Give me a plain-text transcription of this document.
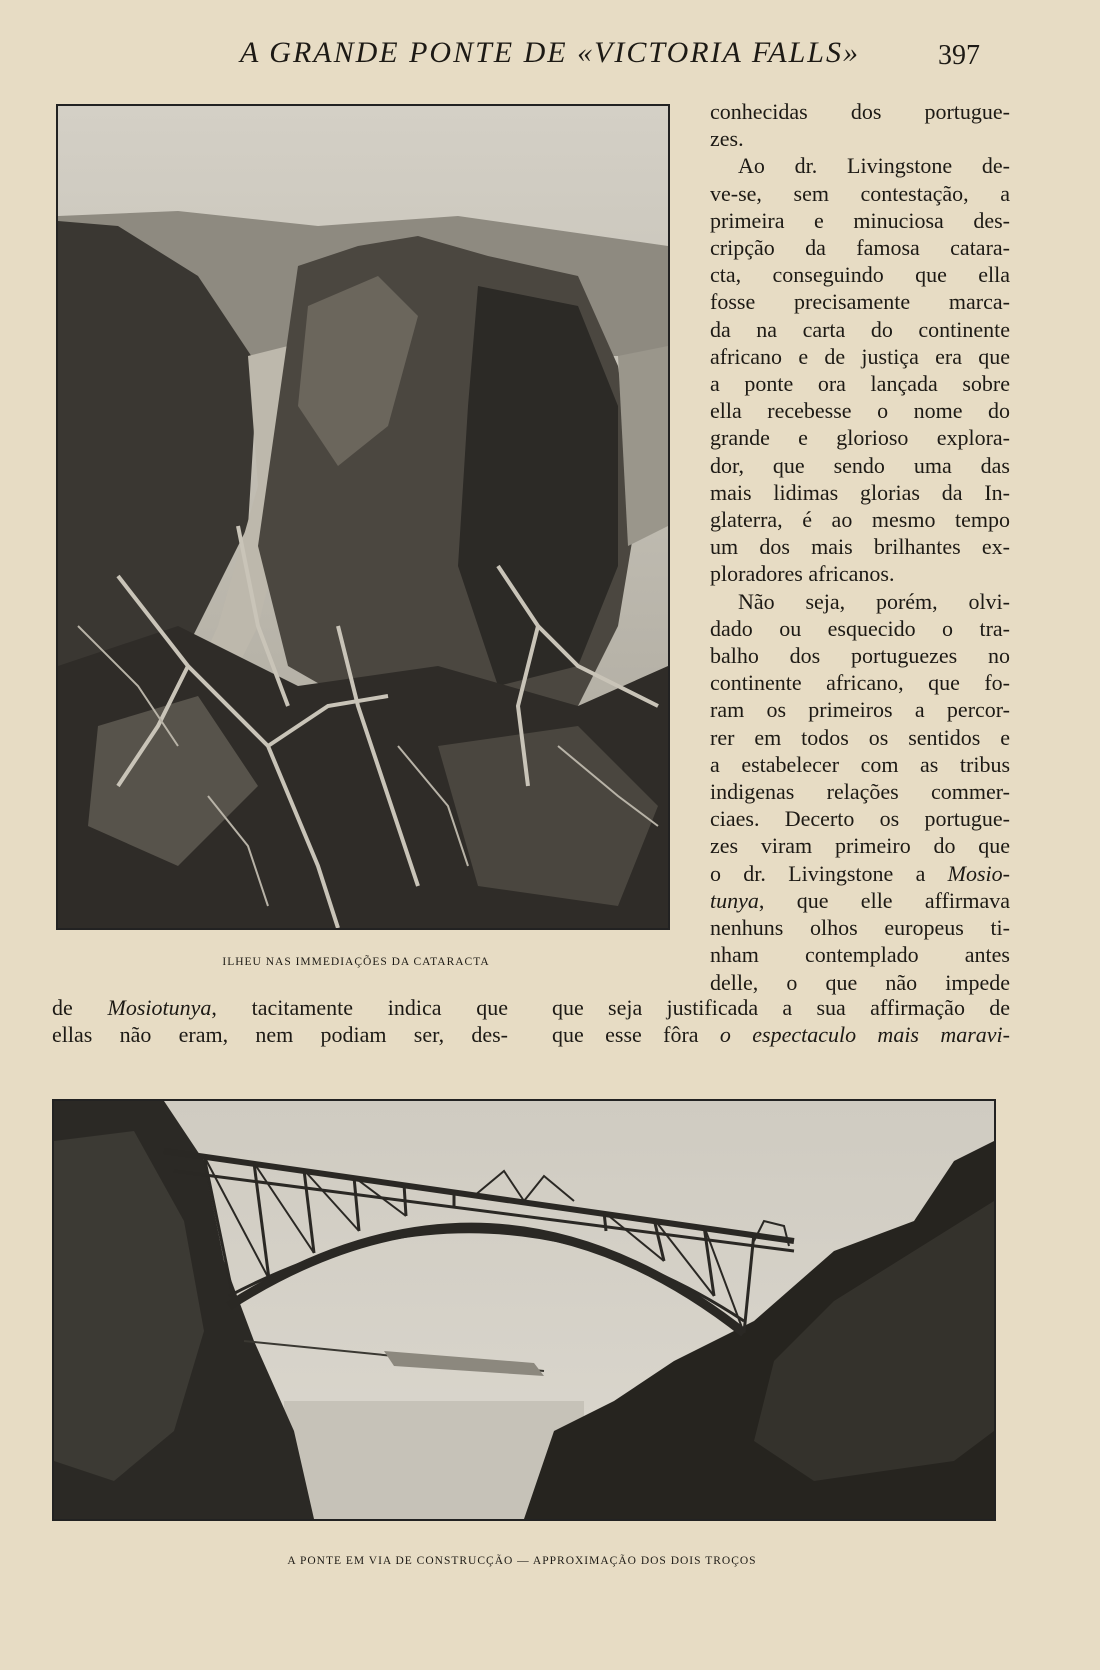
A GRANDE PONTE DE «VICTORIA FALLS»	397
ILHEU NAS IMMEDIAÇÕES DA CATARACTA

conhecidas dos portugue-
zes.

Ao dr. Livingstone de-
ve-se, sem contestação, a
primeira e minuciosa des-
cripção da famosa catara-
cta, conseguindo que ella
fosse precisamente marca-
da na carta do continente
africano e de justiça era que
a ponte ora lançada sobre
ella recebesse o nome do
grande e glorioso explora-
dor, que sendo uma das
mais lidimas glorias da In-
glaterra, é ao mesmo tempo
um dos mais brilhantes ex-
ploradores africanos.

Não seja, porém, olvi-
dado ou esquecido o tra-
balho dos portuguezes no
continente africano, que fo-
ram os primeiros a percor-
rer em todos os sentidos e
a estabelecer com as tribus
indigenas relações commer-
ciaes. Decerto os portugue-
zes viram primeiro do que
o dr. Livingstone a Mosio-
tunya, que elle affirmava
nenhuns olhos europeus ti-
nham contemplado antes
delle, o que não impede

de Mosiotunya, tacitamente indica que
ellas não eram, nem podiam ser, des-
que seja justificada a sua affirmação de
que esse fôra o espectaculo mais maravi-
A PONTE EM VIA DE CONSTRUCÇÃO — APPROXIMAÇÃO DOS DOIS TROÇOS
